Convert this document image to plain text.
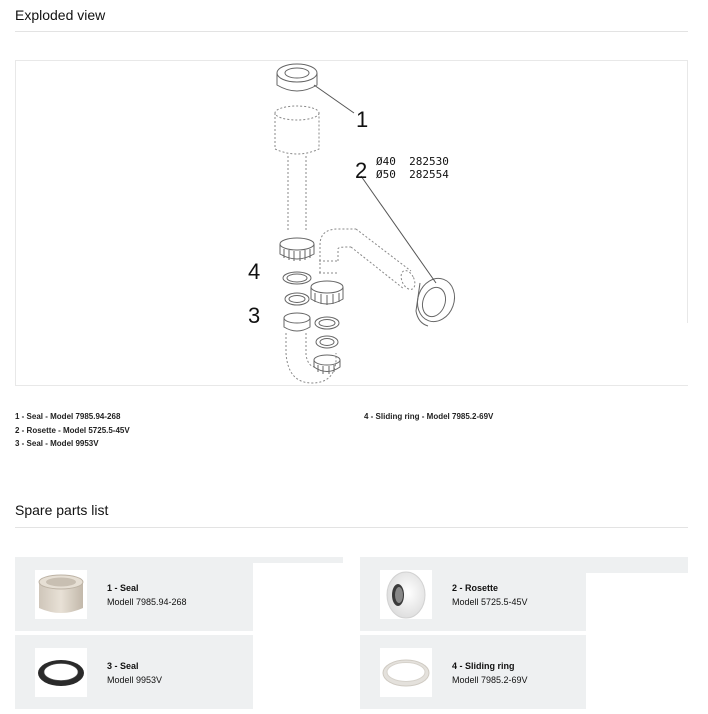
Exploded view
1
2 Ø40  282530
Ø50  282554
4
3
1 - Seal - Model 7985.94-268
2 - Rosette - Model 5725.5-45V
3 - Seal - Model 9953V
4 - Sliding ring - Model 7985.2-69V
Spare parts list
1 - Seal
Modell 7985.94-268
2 - Rosette
Modell 5725.5-45V
3 - Seal
Modell 9953V
4 - Sliding ring
Modell 7985.2-69V
